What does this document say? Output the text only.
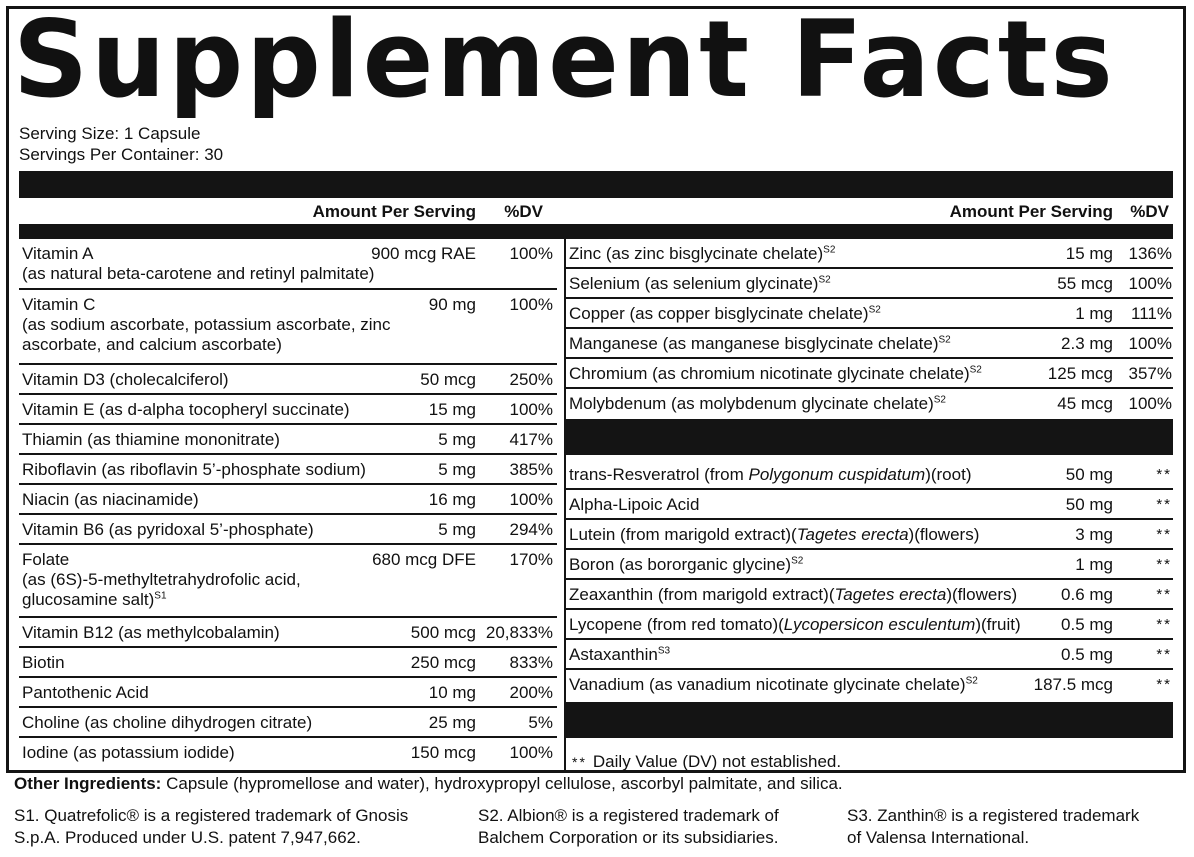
Supplement Facts
Serving Size: 1 Capsule
Servings Per Container: 30
Amount Per Serving %DV	Amount Per Serving %DV
Vitamin A	900 mcg RAE 100%
(as natural beta-carotene and retinyl palmitate)
Vitamin C	90 mg 100%
(as sodium ascorbate, potassium ascorbate, zinc
ascorbate, and calcium ascorbate)
Vitamin D3 (cholecalciferol)	50 mcg 250%
Vitamin E (as d-alpha tocopheryl succinate)	15 mg 100%
Thiamin (as thiamine mononitrate)	5 mg 417%
Riboflavin (as riboflavin 5’-phosphate sodium)	5 mg 385%
Niacin (as niacinamide)	16 mg 100%
Vitamin B6 (as pyridoxal 5’-phosphate)	5 mg 294%
Folate	680 mcg DFE 170%
(as (6S)-5-methyltetrahydrofolic acid,
glucosamine salt)$^{S1}$
Vitamin B12 (as methylcobalamin)	500 mcg 20,833%
Biotin	250 mcg 833%
Pantothenic Acid	10 mg 200%
Choline (as choline dihydrogen citrate)	25 mg	5%
Iodine (as potassium iodide)	150 mcg 100%
Zinc (as zinc bisglycinate chelate)$^{S2}$	15 mg 136%
Selenium (as selenium glycinate)$^{S2}$	55 mcg 100%
Copper (as copper bisglycinate chelate)$^{S2}$	1 mg 111%
Manganese (as manganese bisglycinate chelate)$^{S2}$	2.3 mg 100%
Chromium (as chromium nicotinate glycinate chelate)$^{S2}$	125 mcg 357%
Molybdenum (as molybdenum glycinate chelate)$^{S2}$	45 mcg 100%
trans-Resveratrol (from Polygonum cuspidatum)(root)	50 mg	**
Alpha-Lipoic Acid	50 mg	**
Lutein (from marigold extract)(Tagetes erecta)(flowers)	3 mg	**
Boron (as bororganic glycine)$^{S2}$	1 mg	**
Zeaxanthin (from marigold extract)(Tagetes erecta)(flowers)	0.6 mg	**
Lycopene (from red tomato)(Lycopersicon esculentum)(fruit) 0.5 mg	**
Astaxanthin$^{S3}$	0.5 mg	**
Vanadium (as vanadium nicotinate glycinate chelate)$^{S2}$	187.5 mcg	**
** Daily Value (DV) not established.
Other Ingredients: Capsule (hypromellose and water), hydroxypropyl cellulose, ascorbyl palmitate, and silica.
S1. Quatrefolic® is a registered trademark of Gnosis
S.p.A. Produced under U.S. patent 7,947,662.
S2. Albion® is a registered trademark of
Balchem Corporation or its subsidiaries.
S3. Zanthin® is a registered trademark
of Valensa International.
